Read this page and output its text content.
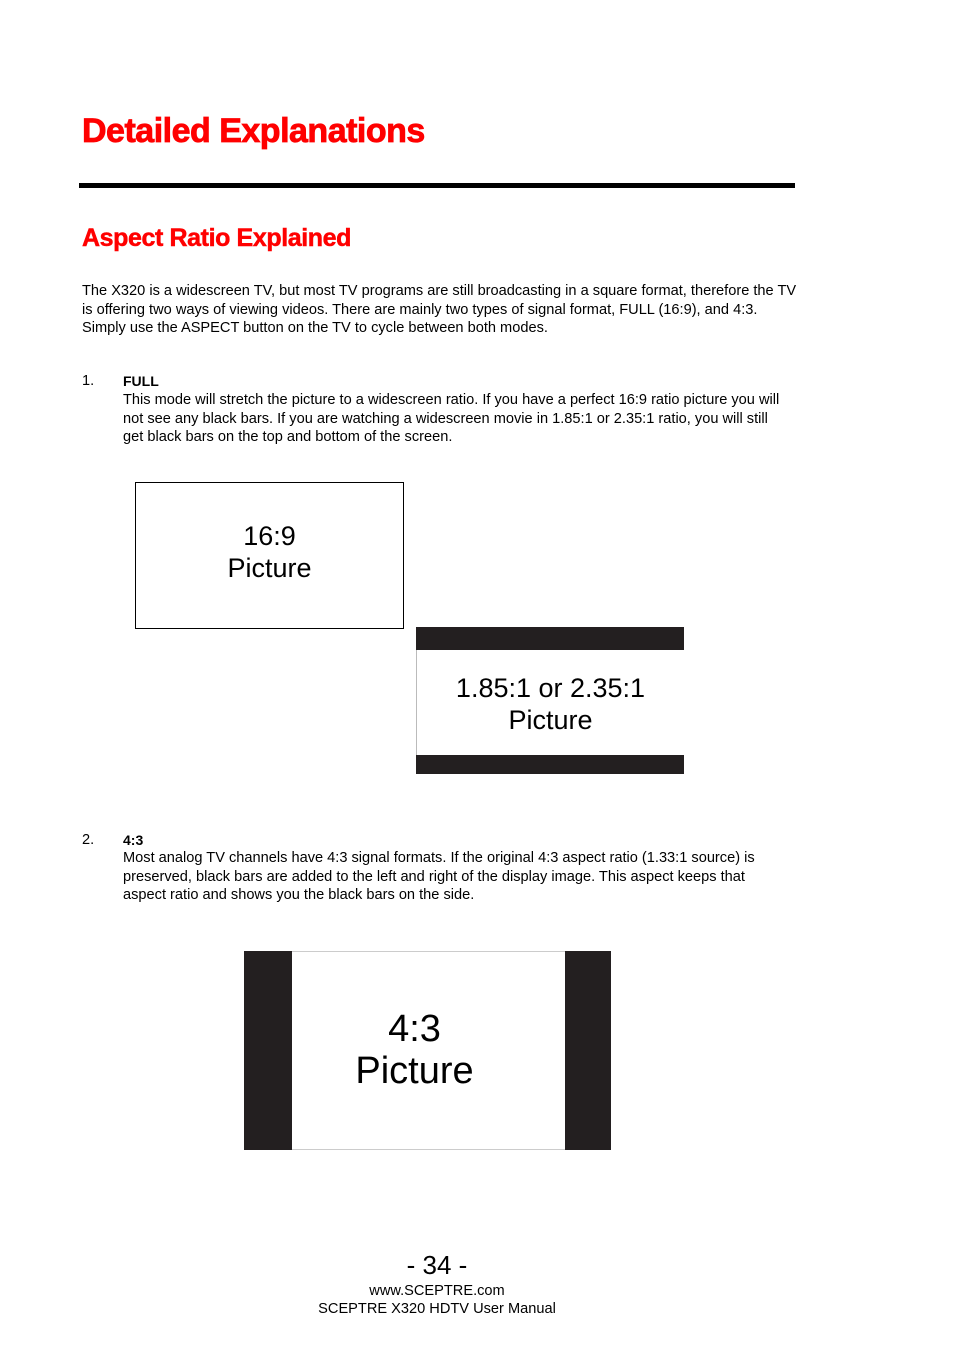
Detailed Explanations
Aspect Ratio Explained
The X320 is a widescreen TV, but most TV programs are still broadcasting in a square format, therefore the TV is offering two ways of viewing videos. There are mainly two types of signal format, FULL (16:9), and 4:3. Simply use the ASPECT button on the TV to cycle between both modes.
1. FULL
This mode will stretch the picture to a widescreen ratio. If you have a perfect 16:9 ratio picture you will not see any black bars. If you are watching a widescreen movie in 1.85:1 or 2.35:1 ratio, you will still get black bars on the top and bottom of the screen.
16:9
Picture
1.85:1 or 2.35:1
Picture
2. 4:3
Most analog TV channels have 4:3 signal formats. If the original 4:3 aspect ratio (1.33:1 source) is preserved, black bars are added to the left and right of the display image. This aspect keeps that aspect ratio and shows you the black bars on the side.
4:3
Picture
- 34 -
www.SCEPTRE.com
SCEPTRE X320 HDTV User Manual
